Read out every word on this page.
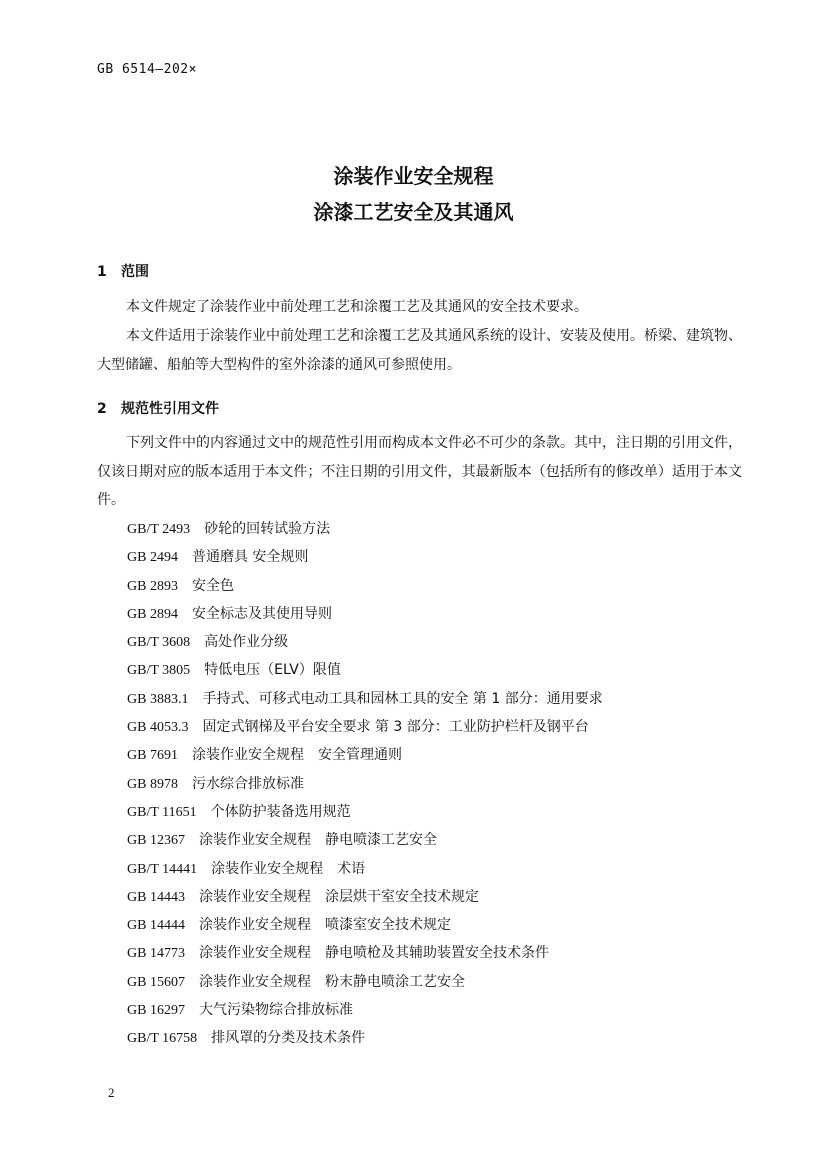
GB 6514—202×
涂装作业安全规程
涂漆工艺安全及其通风
1 范围
本文件规定了涂装作业中前处理工艺和涂覆工艺及其通风的安全技术要求。
本文件适用于涂装作业中前处理工艺和涂覆工艺及其通风系统的设计、安装及使用。桥梁、建筑物、大型储罐、船舶等大型构件的室外涂漆的通风可参照使用。
2 规范性引用文件
下列文件中的内容通过文中的规范性引用而构成本文件必不可少的条款。其中，注日期的引用文件，仅该日期对应的版本适用于本文件；不注日期的引用文件，其最新版本（包括所有的修改单）适用于本文件。
GB/T 2493 砂轮的回转试验方法
GB 2494 普通磨具 安全规则
GB 2893 安全色
GB 2894 安全标志及其使用导则
GB/T 3608 高处作业分级
GB/T 3805 特低电压（ELV）限值
GB 3883.1 手持式、可移式电动工具和园林工具的安全 第 1 部分：通用要求
GB 4053.3 固定式钢梯及平台安全要求 第 3 部分：工业防护栏杆及钢平台
GB 7691 涂装作业安全规程　安全管理通则
GB 8978 污水综合排放标准
GB/T 11651 个体防护装备选用规范
GB 12367 涂装作业安全规程　静电喷漆工艺安全
GB/T 14441 涂装作业安全规程　术语
GB 14443 涂装作业安全规程　涂层烘干室安全技术规定
GB 14444 涂装作业安全规程　喷漆室安全技术规定
GB 14773 涂装作业安全规程　静电喷枪及其辅助装置安全技术条件
GB 15607 涂装作业安全规程　粉末静电喷涂工艺安全
GB 16297 大气污染物综合排放标准
GB/T 16758 排风罩的分类及技术条件
2
